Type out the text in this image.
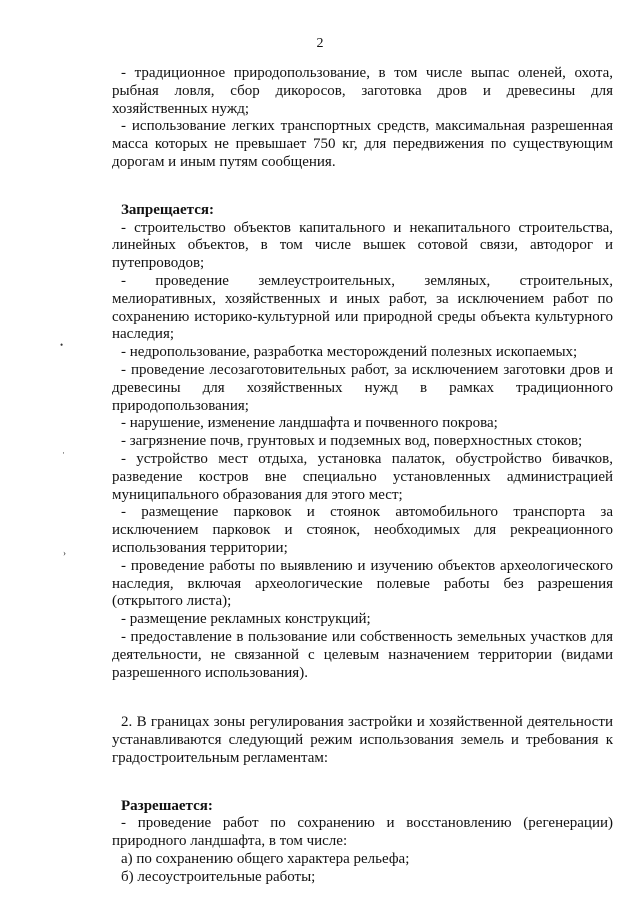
2
•
·
›

- традиционное природопользование, в том числе выпас оленей, охота, рыбная ловля, сбор дикоросов, заготовка дров и древесины для хозяйственных нужд;

- использование легких транспортных средств, максимальная разрешенная масса которых не превышает 750 кг, для передвижения по существующим дорогам и иным путям сообщения.

Запрещается:

- строительство объектов капитального и некапитального строительства, линейных объектов, в том числе вышек сотовой связи, автодорог и путепроводов;

- проведение землеустроительных, земляных, строительных, мелиоративных, хозяйственных и иных работ, за исключением работ по сохранению историко-культурной или природной среды объекта культурного наследия;

- недропользование, разработка месторождений полезных ископаемых;

- проведение лесозаготовительных работ, за исключением заготовки дров и древесины для хозяйственных нужд в рамках традиционного природопользования;

- нарушение, изменение ландшафта и почвенного покрова;

- загрязнение почв, грунтовых и подземных вод, поверхностных стоков;

- устройство мест отдыха, установка палаток, обустройство бивачков, разведение костров вне специально установленных администрацией муниципального образования для этого мест;

- размещение парковок и стоянок автомобильного транспорта за исключением парковок и стоянок, необходимых для рекреационного использования территории;

- проведение работы по выявлению и изучению объектов археологического наследия, включая археологические полевые работы без разрешения (открытого листа);

- размещение рекламных конструкций;

- предоставление в пользование или собственность земельных участков для деятельности, не связанной с целевым назначением территории (видами разрешенного использования).

2. В границах зоны регулирования застройки и хозяйственной деятельности устанавливаются следующий режим использования земель и требования к градостроительным регламентам:

Разрешается:

- проведение работ по сохранению и восстановлению (регенерации) природного ландшафта, в том числе:

а) по сохранению общего характера рельефа;

б) лесоустроительные работы;
